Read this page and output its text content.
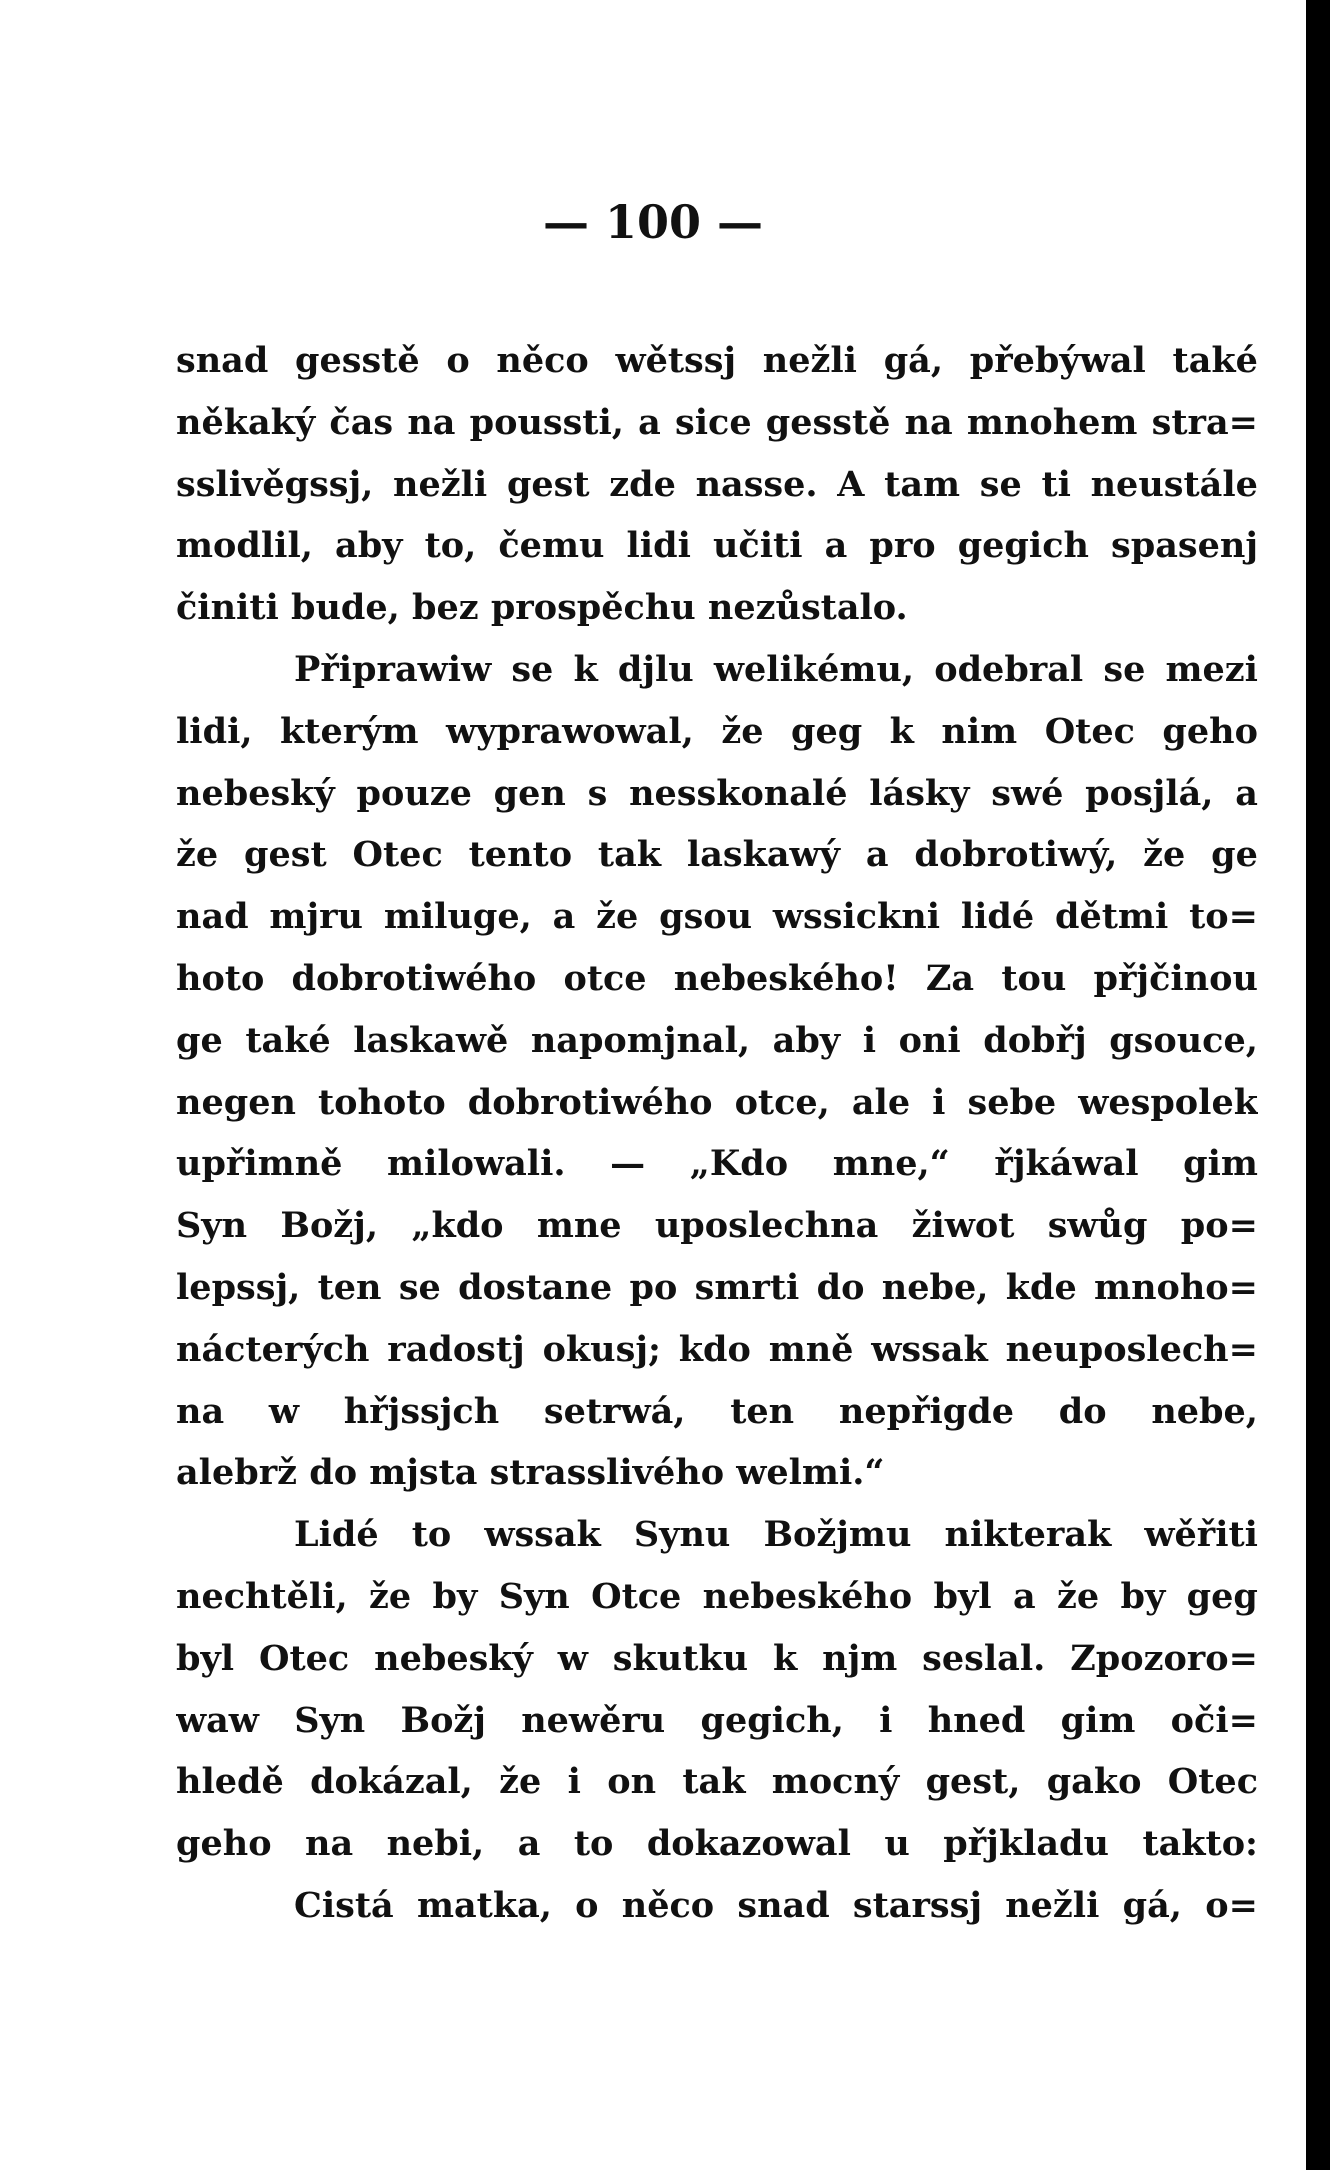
— 100 —
snad gesstě o něco wětssj nežli gá, přebýwal také
někaký čas na poussti, a sice gesstě na mnohem stra=
sslivěgssj, nežli gest zde nasse. A tam se ti neustále
modlil, aby to, čemu lidi učiti a pro gegich spasenj
činiti bude, bez prospěchu nezůstalo.
Připrawiw se k djlu welikému, odebral se mezi
lidi, kterým wyprawowal, že geg k nim Otec geho
nebeský pouze gen s nesskonalé lásky swé posjlá, a
že gest Otec tento tak laskawý a dobrotiwý, že ge
nad mjru miluge, a že gsou wssickni lidé dětmi to=
hoto dobrotiwého otce nebeského! Za tou přjčinou
ge také laskawě napomjnal, aby i oni dobřj gsouce,
negen tohoto dobrotiwého otce, ale i sebe wespolek
upřimně milowali. — „Kdo mne,“ řjkáwal gim
Syn Božj, „kdo mne uposlechna žiwot swůg po=
lepssj, ten se dostane po smrti do nebe, kde mnoho=
nácterých radostj okusj; kdo mně wssak neuposlech=
na w hřjssjch setrwá, ten nepřigde do nebe,
alebrž do mjsta strasslivého welmi.“
Lidé to wssak Synu Božjmu nikterak wěřiti
nechtěli, že by Syn Otce nebeského byl a že by geg
byl Otec nebeský w skutku k njm seslal. Zpozoro=
waw Syn Božj newěru gegich, i hned gim oči=
hledě dokázal, že i on tak mocný gest, gako Otec
geho na nebi, a to dokazowal u přjkladu takto:
Cistá matka, o něco snad starssj nežli gá, o=
